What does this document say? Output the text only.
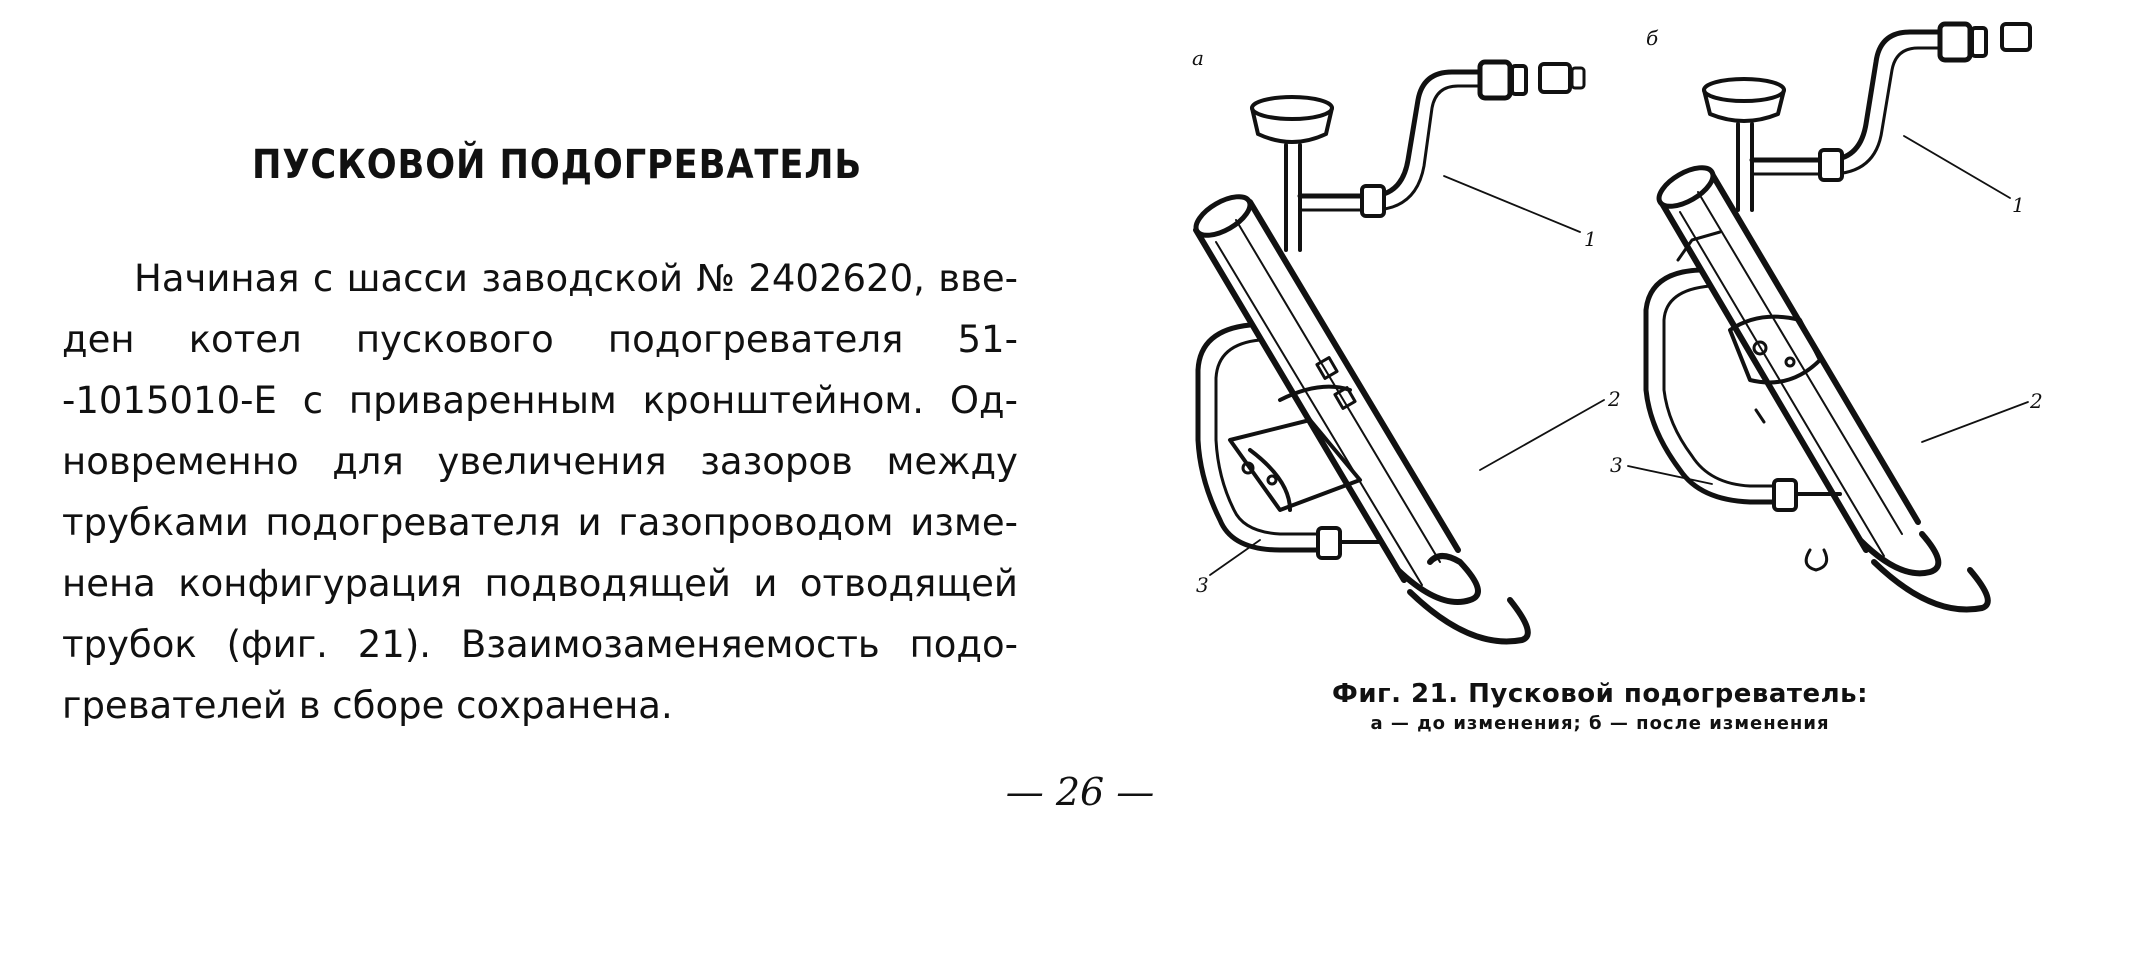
ПУСКОВОЙ ПОДОГРЕВАТЕЛЬ
Начиная с шасси заводской № 2402620, вве-
ден котел пускового подогревателя 51-
-1015010-Е с приваренным кронштейном. Од-
новременно для увеличения зазоров между
трубками подогревателя и газопроводом изме-
нена конфигурация подводящей и отводящей
трубок (фиг. 21). Взаимозаменяемость подо-
гревателей
в
сборе
сохранена.
а
1
2
3
б
1
2
3
Фиг. 21. Пусковой подогреватель:
а — до изменения; б — после изменения
— 26 —
